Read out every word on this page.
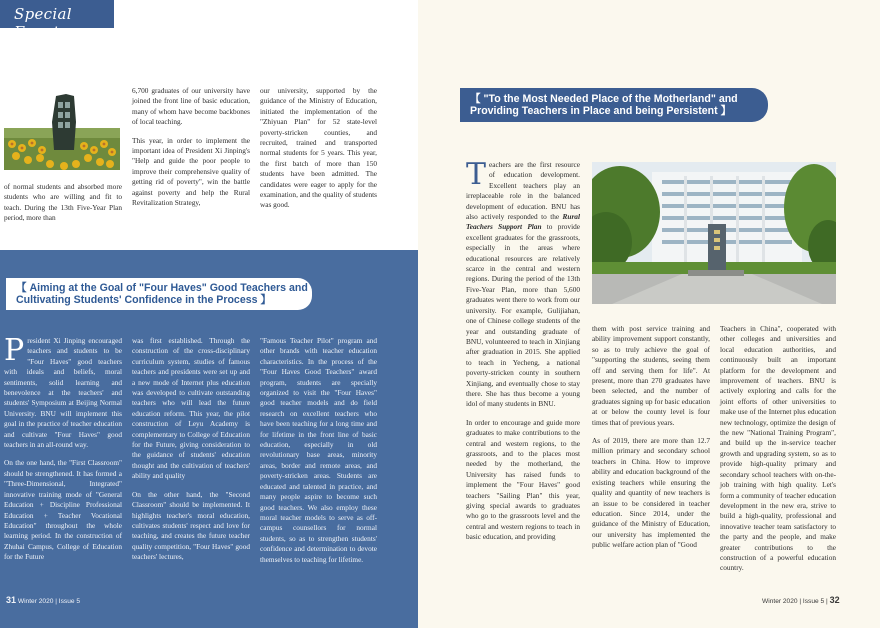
Special Events

of normal students and absorbed more students who are willing and fit to teach. During the 13th Five-Year Plan period, more than

6,700 graduates of our university have joined the front line of basic education, many of whom have become backbones of local teaching.

This year, in order to implement the important idea of President Xi Jinping's "Help and guide the poor people to improve their comprehensive quality of getting rid of poverty", win the battle against poverty and help the Rural Revitalization Strategy,

our university, supported by the guidance of the Ministry of Education, initiated the implementation of the "Zhiyuan Plan" for 52 state-level poverty-stricken counties, and recruited, trained and transported normal students for 5 years. This year, the first batch of more than 150 students have been admitted. The candidates were eager to apply for the examination, and the quality of students was good.

【 Aiming at the Goal of "Four Haves" Good Teachers and Cultivating Students' Confidence in the Process 】

President Xi Jinping encouraged teachers and students to be "Four Haves" good teachers with ideals and beliefs, moral sentiments, solid learning and benevolence at the teachers' and students' Symposium at Beijing Normal University. BNU will implement this goal in the practice of teacher education and cultivate "Four Haves" good teachers in an all-round way.

On the one hand, the "First Classroom" should be strengthened. It has formed a "Three-Dimensional, Integrated" innovative training mode of "General Education + Discipline Professional Education + Teacher Vocational Education" throughout the whole learning period. In the construction of Zhuhai Campus, College of Education for the Future

was first established. Through the construction of the cross-disciplinary curriculum system, studies of famous teachers and presidents were set up and a new mode of Internet plus education was developed to cultivate outstanding teachers who will lead the future education reform. This year, the pilot construction of Leyu Academy is complementary to College of Education for the Future, giving consideration to the guidance of students' education thought and the cultivation of teachers' ability and quality

On the other hand, the "Second Classroom" should be implemented. It highlights teacher's moral education, cultivates students' respect and love for teaching, and creates the future teacher quality competition, "Four Haves" good teachers' lectures,

"Famous Teacher Pilot" program and other brands with teacher education characteristics. In the process of the "Four Haves Good Teachers" award program, students are specially organized to visit the "Four Haves" good teacher models and do field research on excellent teachers who have been teaching for a long time and for lifetime in the front line of basic education, especially in old revolutionary base areas, minority areas, border and remote areas, and poverty-stricken areas. Students are educated and talented in practice, and many people aspire to become such good teachers. We also employ these moral teacher models to serve as off-campus counsellors for normal students, so as to strengthen students' confidence and determination to devote themselves to teaching for lifetime.

31 Winter 2020 | Issue 5
【 "To the Most Needed Place of the Motherland" and Providing Teachers in Place and being Persistent 】

Teachers are the first resource of education development. Excellent teachers play an irreplaceable role in the balanced development of education. BNU has also actively responded to the Rural Teachers Support Plan to provide excellent graduates for the grassroots, especially in the areas where educational resources are relatively scarce in the central and western regions. During the period of the 13th Five-Year Plan, more than 5,600 graduates went there to work from our university. For example, Gulijiahan, one of Chinese college students of the year and outstanding graduate of BNU, volunteered to teach in Xinjiang after graduation in 2015. She applied to teach in Yecheng, a national poverty-stricken county in southern Xinjiang, and eventually chose to stay there. She has thus become a young idol of many students in BNU.

In order to encourage and guide more graduates to make contributions to the central and western regions, to the grassroots, and to the places most needed by the motherland, the University has raised funds to implement the "Four Haves" good teachers "Sailing Plan" this year, giving special awards to graduates who go to the grassroots level and the central and western regions to teach in basic education, and providing

them with post service training and ability improvement support constantly, so as to truly achieve the goal of "supporting the students, seeing them off and serving them for life". At present, more than 270 graduates have been selected, and the number of graduates signing up for basic education at or below the county level is four times that of previous years.

As of 2019, there are more than 12.7 million primary and secondary school teachers in China. How to improve ability and education background of the existing teachers while ensuring the quality and quantity of new teachers is an issue to be considered in teacher education. Since 2014, under the guidance of the Ministry of Education, our university has implemented the public welfare action plan of "Good

Teachers in China", cooperated with other colleges and universities and local education authorities, and continuously built an important platform for the development and improvement of teachers. BNU is actively exploring and calls for the joint efforts of other universities to make use of the Internet plus education new technology, optimize the design of the new "National Training Program", and build up the in-service teacher growth and upgrading system, so as to provide high-quality primary and secondary school teachers with on-the-job training with high quality. Let's form a community of teacher education development in the new era, strive to build a high-quality, professional and innovative teacher team satisfactory to the party and the people, and make greater contributions to the construction of a powerful education country.

Winter 2020 | Issue 5 | 32
